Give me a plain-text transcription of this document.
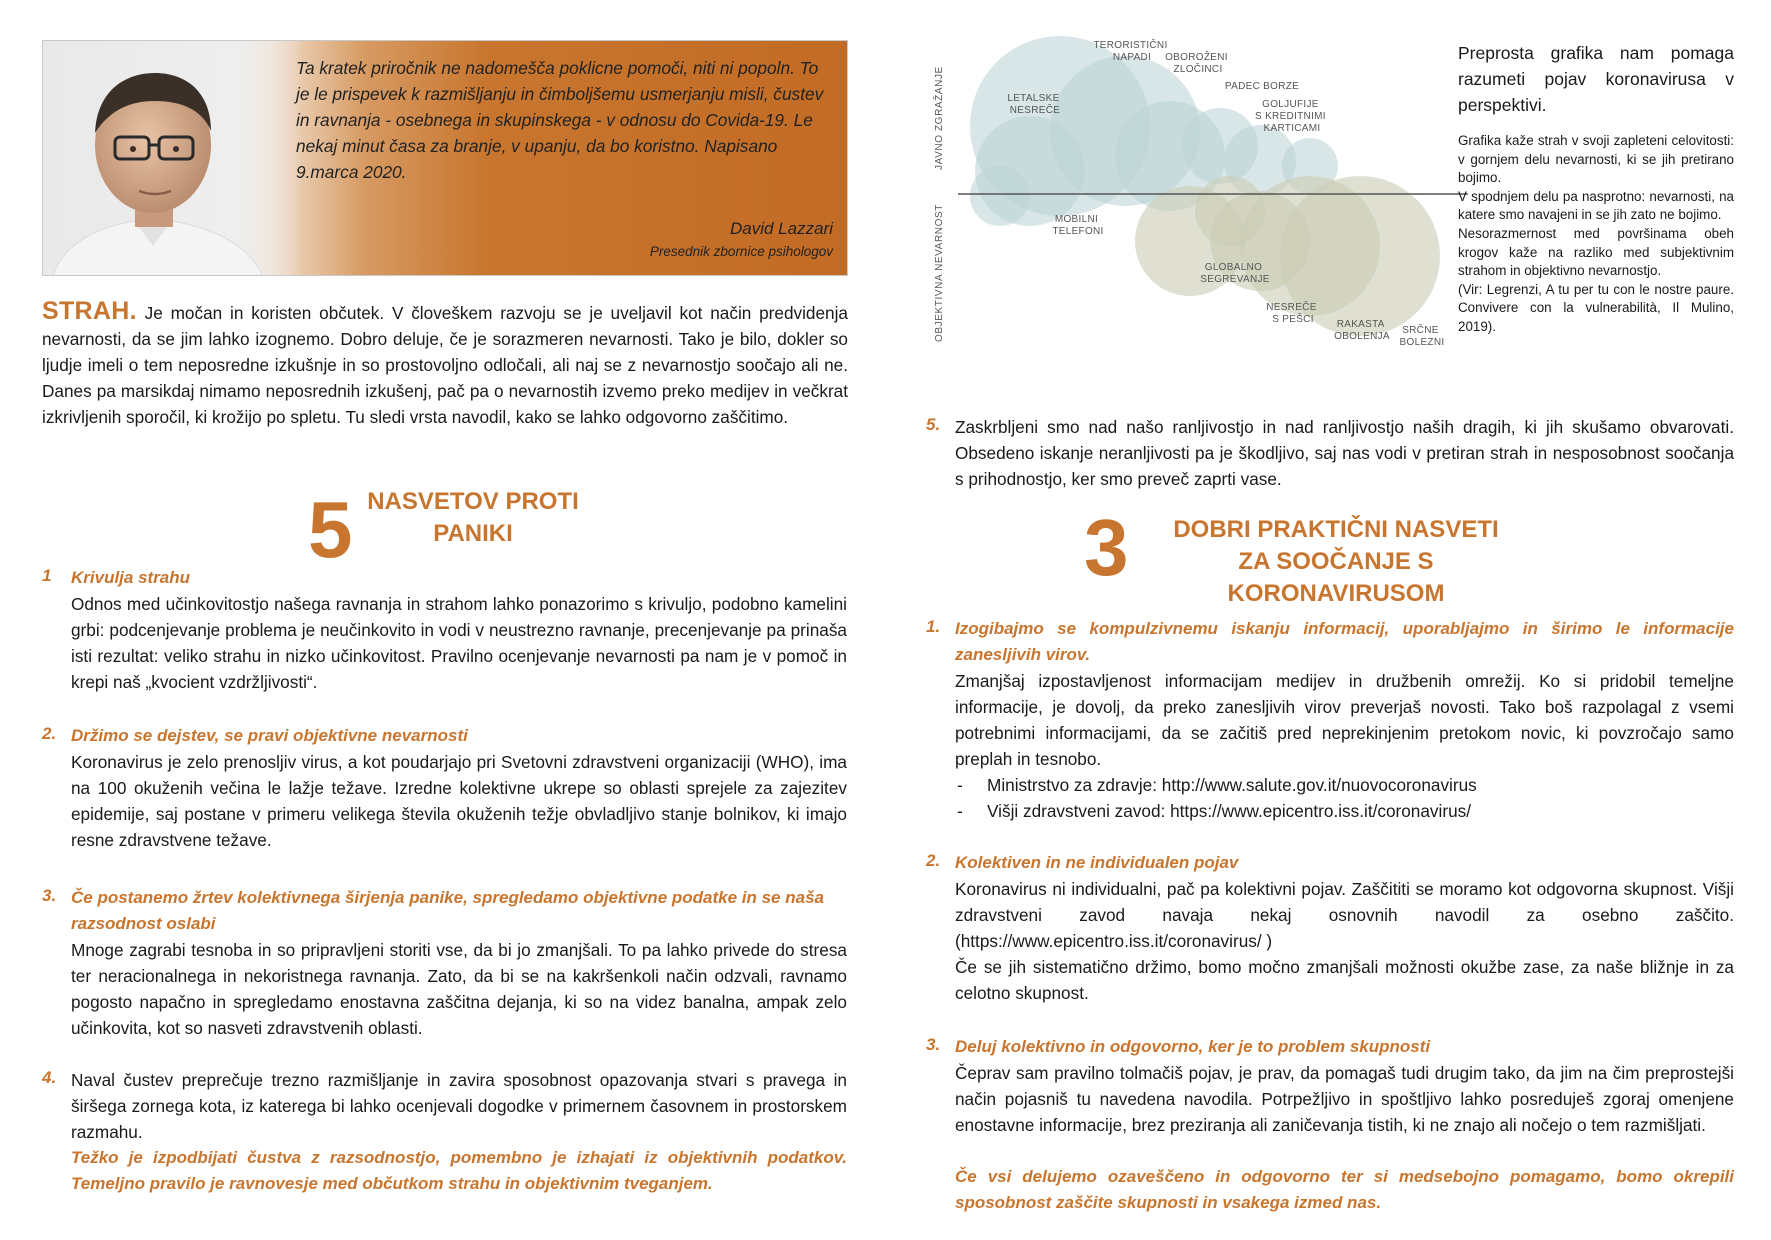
Ta kratek priročnik ne nadomešča poklicne pomoči, niti ni popoln. To je le prispevek k razmišljanju in čimboljšemu usmerjanju misli, čustev in ravnanja - osebnega in skupinskega - v odnosu do Covida-19. Le nekaj minut časa za branje, v upanju, da bo koristno. Napisano 9.marca 2020.
David Lazzari
Presednik zbornice psihologov
STRAH. Je močan in koristen občutek. V človeškem razvoju se je uveljavil kot način predvidenja nevarnosti, da se jim lahko izognemo. Dobro deluje, če je sorazmeren nevarnosti. Tako je bilo, dokler so ljudje imeli o tem neposredne izkušnje in so prostovoljno odločali, ali naj se z nevarnostjo soočajo ali ne. Danes pa marsikdaj nimamo neposrednih izkušenj, pač pa o nevarnostih izvemo preko medijev in večkrat izkrivljenih sporočil, ki krožijo po spletu. Tu sledi vrsta navodil, kako se lahko odgovorno zaščitimo.
5 NASVETOV PROTI
PANIKI
1 Krivulja strahu
Odnos med učinkovitostjo našega ravnanja in strahom lahko ponazorimo s krivuljo, podobno kamelini grbi: podcenjevanje problema je neučinkovito in vodi v neustrezno ravnanje, precenjevanje pa prinaša isti rezultat: veliko strahu in nizko učinkovitost. Pravilno ocenjevanje nevarnosti pa nam je v pomoč in krepi naš „kvocient vzdržljivosti“.
2. Držimo se dejstev, se pravi objektivne nevarnosti
Koronavirus je zelo prenosljiv virus, a kot poudarjajo pri Svetovni zdravstveni organizaciji (WHO), ima na 100 okuženih večina le lažje težave. Izredne kolektivne ukrepe so oblasti sprejele za zajezitev epidemije, saj postane v primeru velikega števila okuženih težje obvladljivo stanje bolnikov, ki imajo resne zdravstvene težave.
3. Če postanemo žrtev kolektivnega širjenja panike, spregledamo objektivne podatke in se naša razsodnost oslabi
Mnoge zagrabi tesnoba in so pripravljeni storiti vse, da bi jo zmanjšali. To pa lahko privede do stresa ter neracionalnega in nekoristnega ravnanja. Zato, da bi se na kakršenkoli način odzvali, ravnamo pogosto napačno in spregledamo enostavna zaščitna dejanja, ki so na videz banalna, ampak zelo učinkovita, kot so nasveti zdravstvenih oblasti.
4. Naval čustev preprečuje trezno razmišljanje in zavira sposobnost opazovanja stvari s pravega in širšega zornega kota, iz katerega bi lahko ocenjevali dogodke v primernem časovnem in prostorskem razmahu.
Težko je izpodbijati čustva z razsodnostjo, pomembno je izhajati iz objektivnih podatkov. Temeljno pravilo je ravnovesje med občutkom strahu in objektivnim tveganjem.
JAVNO ZGRAŽANJE
OBJEKTIVNA NEVARNOST
LETALSKE NESREČE
TERORISTIČNI NAPADI	OBOROŽENI ZLOČINCI
PADEC BORZE
GOLJUFIJE S KREDITNIMI KARTICAMI
MOBILNI TELEFONI
GLOBALNO SEGREVANJE
NESREČE S PEŠCI	RAKASTA OBOLENJA
SRČNE BOLEZNI
Preprosta grafika nam pomaga razumeti pojav koronavirusa v perspektivi.
Grafika kaže strah v svoji zapleteni celovitosti: v gornjem delu nevarnosti, ki se jih pretirano bojimo.
V spodnjem delu pa nasprotno: nevarnosti, na katere smo navajeni in se jih zato ne bojimo.
Nesorazmernost med površinama obeh krogov kaže na razliko med subjektivnim strahom in objektivno nevarnostjo.
(Vir: Legrenzi, A tu per tu con le nostre paure. Convivere con la vulnerabilità, Il Mulino, 2019).
5. Zaskrbljeni smo nad našo ranljivostjo in nad ranljivostjo naših dragih, ki jih skušamo obvarovati. Obsedeno iskanje neranljivosti pa je škodljivo, saj nas vodi v pretiran strah in nesposobnost soočanja s prihodnostjo, ker smo preveč zaprti vase.
3	DOBRI PRAKTIČNI NASVETI
ZA SOOČANJE S KORONAVIRUSOM
1. Izogibajmo se kompulzivnemu iskanju informacij, uporabljajmo in širimo le informacije zanesljivih virov.
Zmanjšaj izpostavljenost informacijam medijev in družbenih omrežij. Ko si pridobil temeljne informacije, je dovolj, da preko zanesljivih virov preverjaš novosti. Tako boš razpolagal z vsemi potrebnimi informacijami, da se začitiš pred neprekinjenim pretokom novic, ki povzročajo samo preplah in tesnobo.
- Ministrstvo za zdravje: http://www.salute.gov.it/nuovocoronavirus
- Višji zdravstveni zavod: https://www.epicentro.iss.it/coronavirus/
2. Kolektiven in ne individualen pojav
Koronavirus ni individualni, pač pa kolektivni pojav. Zaščititi se moramo kot odgovorna skupnost. Višji zdravstveni zavod navaja nekaj osnovnih navodil za osebno zaščito. (https://www.epicentro.iss.it/coronavirus/ )
Če se jih sistematično držimo, bomo močno zmanjšali možnosti okužbe zase, za naše bližnje in za celotno skupnost.
3. Deluj kolektivno in odgovorno, ker je to problem skupnosti
Čeprav sam pravilno tolmačiš pojav, je prav, da pomagaš tudi drugim tako, da jim na čim preprostejši način pojasniš tu navedena navodila. Potrpežljivo in spoštljivo lahko posreduješ zgoraj omenjene enostavne informacije, brez preziranja ali zaničevanja tistih, ki ne znajo ali nočejo o tem razmišljati.
Če vsi delujemo ozaveščeno in odgovorno ter si medsebojno pomagamo, bomo okrepili sposobnost zaščite skupnosti in vsakega izmed nas.
